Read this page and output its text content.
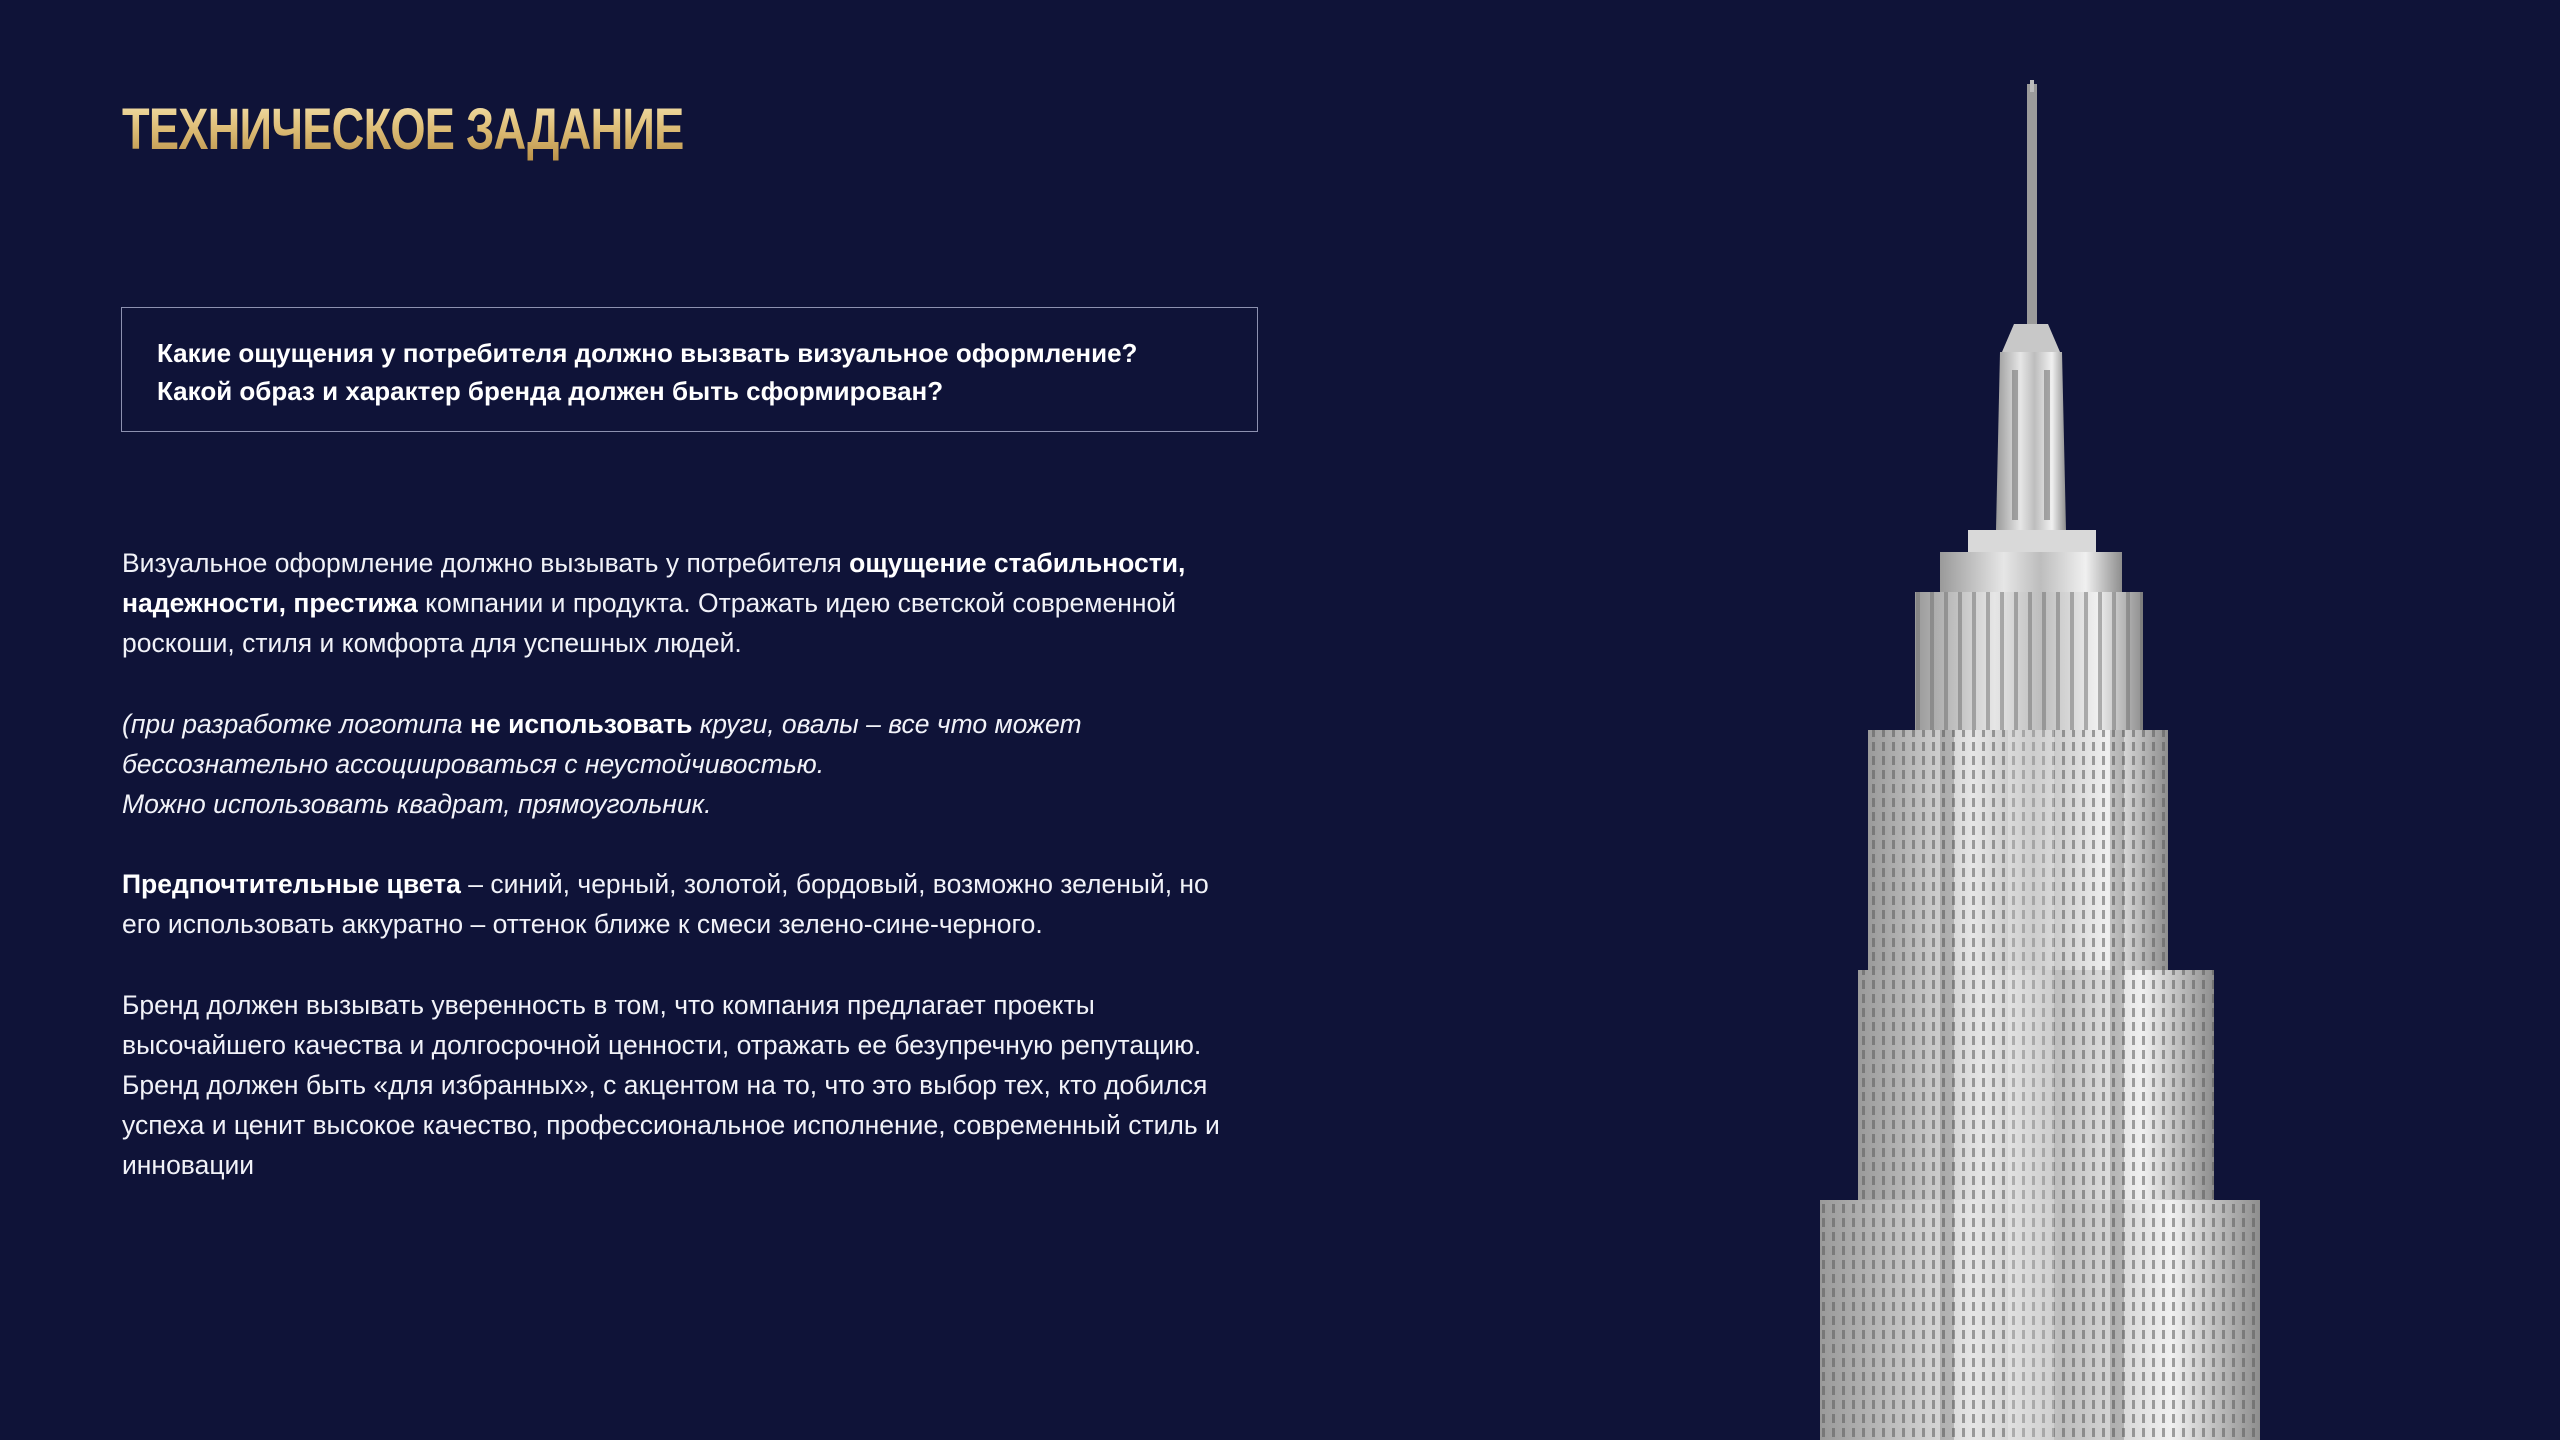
ТЕХНИЧЕСКОЕ ЗАДАНИЕ

Какие ощущения у потребителя должно вызвать визуальное оформление?

Какой образ и характер бренда должен быть сформирован?

Визуальное оформление должно вызывать у потребителя ощущение стабильности, надежности, престижа компании и продукта. Отражать идею светской современной роскоши, стиля и комфорта для успешных людей.

(при разработке логотипа не использовать круги, овалы – все что может бессознательно ассоциироваться с неустойчивостью.
Можно использовать квадрат, прямоугольник.

Предпочтительные цвета – синий, черный, золотой, бордовый, возможно зеленый, но его использовать аккуратно – оттенок ближе к смеси зелено-сине-черного.

Бренд должен вызывать уверенность в том, что компания предлагает проекты высочайшего качества и долгосрочной ценности, отражать ее безупречную репутацию. Бренд должен быть «для избранных», с акцентом на то, что это выбор тех, кто добился успеха и ценит высокое качество, профессиональное исполнение, современный стиль и инновации
